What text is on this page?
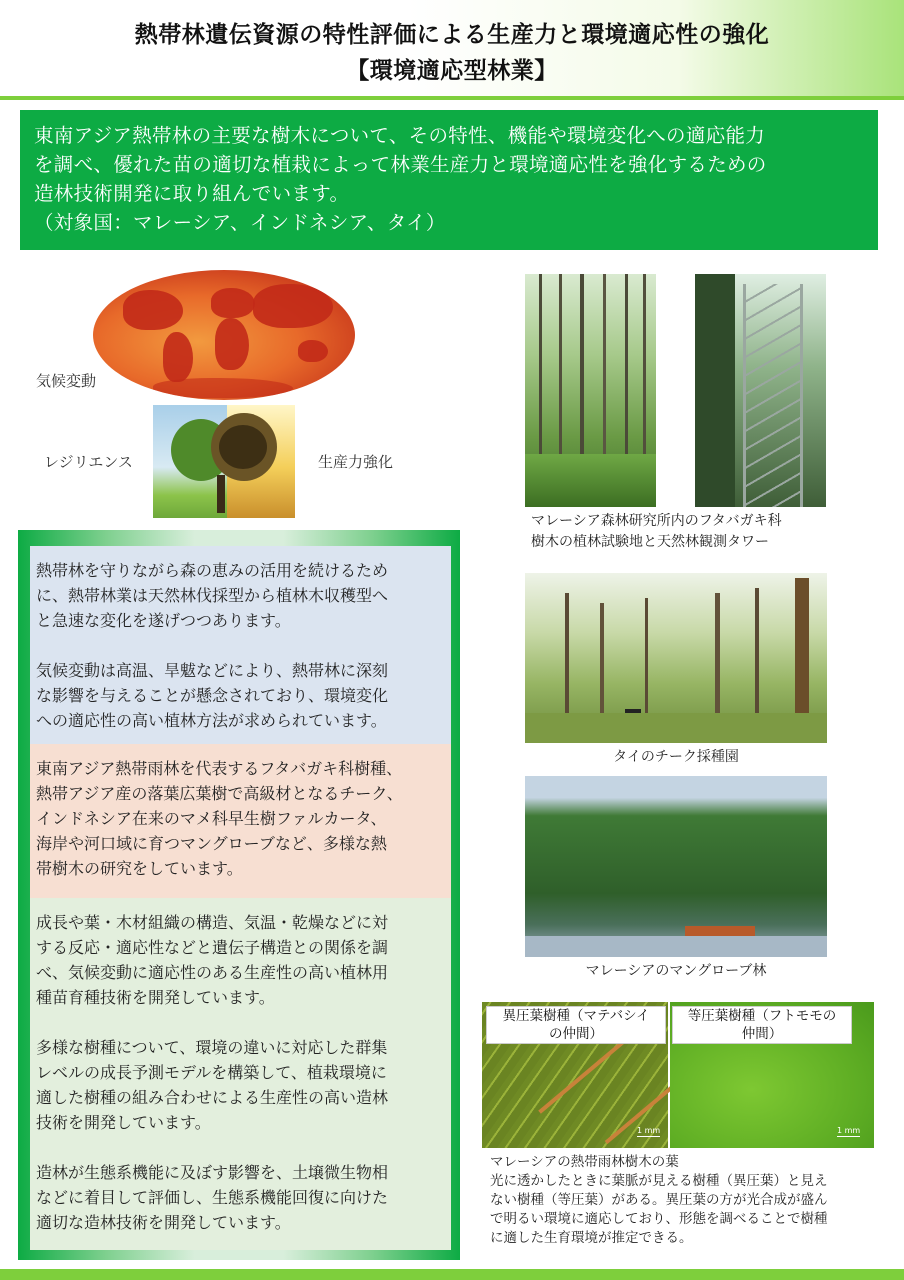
熱帯林遺伝資源の特性評価による生産力と環境適応性の強化
【環境適応型林業】

東南アジア熱帯林の主要な樹木について、その特性、機能や環境変化への適応能力

を調べ、優れた苗の適切な植栽によって林業生産力と環境適応性を強化するための

造林技術開発に取り組んでいます。

（対象国：マレーシア、インドネシア、タイ）

気候変動
レジリエンス	生産力強化
マレーシア森林研究所内のフタバガキ科
樹木の植林試験地と天然林観測タワー
タイのチーク採種園
マレーシアのマングローブ林
異圧葉樹種（マテバシイ
の仲間）
等圧葉樹種（フトモモの
仲間）
1 mm	1 mm
マレーシアの熱帯雨林樹木の葉
光に透かしたときに葉脈が見える樹種（異圧葉）と見え
ない樹種（等圧葉）がある。異圧葉の方が光合成が盛ん
で明るい環境に適応しており、形態を調べることで樹種
に適した生育環境が推定できる。

熱帯林を守りながら森の恵みの活用を続けるため

に、熱帯林業は天然林伐採型から植林木収穫型へ

と急速な変化を遂げつつあります。

気候変動は高温、旱魃などにより、熱帯林に深刻

な影響を与えることが懸念されており、環境変化

への適応性の高い植林方法が求められています。

東南アジア熱帯雨林を代表するフタバガキ科樹種、

熱帯アジア産の落葉広葉樹で高級材となるチーク、

インドネシア在来のマメ科早生樹ファルカータ、

海岸や河口域に育つマングローブなど、多様な熱

帯樹木の研究をしています。

成長や葉・木材組織の構造、気温・乾燥などに対

する反応・適応性などと遺伝子構造との関係を調

べ、気候変動に適応性のある生産性の高い植林用

種苗育種技術を開発しています。

多様な樹種について、環境の違いに対応した群集

レベルの成長予測モデルを構築して、植栽環境に

適した樹種の組み合わせによる生産性の高い造林

技術を開発しています。

造林が生態系機能に及ぼす影響を、土壌微生物相

などに着目して評価し、生態系機能回復に向けた

適切な造林技術を開発しています。
